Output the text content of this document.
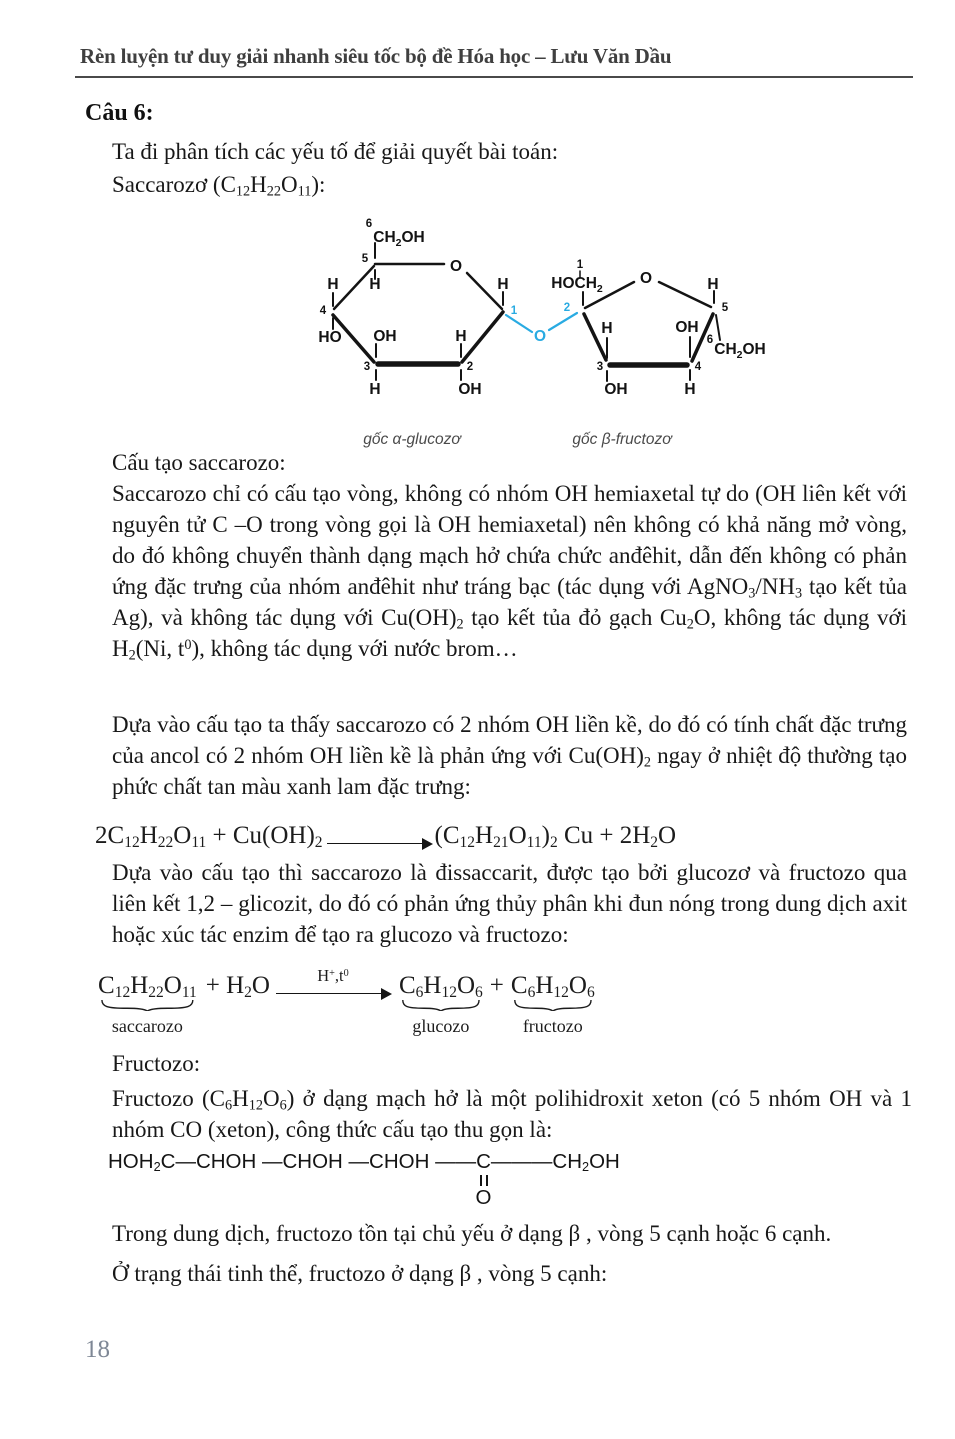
Rèn luyện tư duy giải nhanh siêu tốc bộ đề Hóa học – Lưu Văn Dầu
Câu 6:
Ta đi phân tích các yếu tố để giải quyết bài toán:
Saccarozơ $(C_{12}H_{22}O_{11})$:
6
$CH_2OH$
5	O
H H	H
4	1
HO OH	H
3	2
H	OH
O
1
$HOCH_2$
O	H
5
2
H	OH
6
$CH_2OH$
3	4
OH	H
gốc α-glucozơ	gốc β-fructozơ
Cấu tạo saccarozo:
Saccarozo chỉ có cấu tạo vòng, không có nhóm OH hemiaxetal tự do (OH liên kết với nguyên tử C –O trong vòng gọi là OH hemiaxetal) nên không có khả năng mở vòng, do đó không chuyển thành dạng mạch hở chứa chức anđêhit, dẫn đến không có phản ứng đặc trưng của nhóm anđêhit như tráng bạc (tác dụng với $AgNO_3/NH_3$ tạo kết tủa Ag), và không tác dụng với $Cu(OH)_2$ tạo kết tủa đỏ gạch $Cu_2O$, không tác dụng với $H_2(Ni$, $t^0$), không tác dụng với nước brom…
Dựa vào cấu tạo ta thấy saccarozo có 2 nhóm OH liền kề, do đó có tính chất đặc trưng của ancol có 2 nhóm OH liền kề là phản ứng với $Cu(OH)_2$ ngay ở nhiệt độ thường tạo phức chất tan màu xanh lam đặc trưng:
$2C_{12}H_{22}O_{11} + Cu(OH)_2$	$(C_{12}H_{21}O_{11})_2$ $Cu + 2H_2O$
Dựa vào cấu tạo thì saccarozo là đissaccarit, được tạo bởi glucozơ và fructozo qua liên kết 1,2 – glicozit, do đó có phản ứng thủy phân khi đun nóng trong dung dịch axit hoặc xúc tác enzim để tạo ra glucozo và fructozo:
$C_{12}H_{22}O_{11}$
saccarozo
+ $H_2O$	$H^+,t^0$	$C_6H_{12}O_6$
glucozo
+ $C_6H_{12}O_6$
fructozo
Fructozo:
Fructozo $(C_6H_{12}O_6)$ ở dạng mạch hở là một polihidroxit xeton (có 5 nhóm OH và 1 nhóm CO (xeton), công thức cấu tạo thu gọn là:
$HOH_2C—CHOH$ —CHOH —CHOH ——C
O
$———CH_2OH$
Trong dung dịch, fructozo tồn tại chủ yếu ở dạng β , vòng 5 cạnh hoặc 6 cạnh.
Ở trạng thái tinh thể, fructozo ở dạng β , vòng 5 cạnh:
18
